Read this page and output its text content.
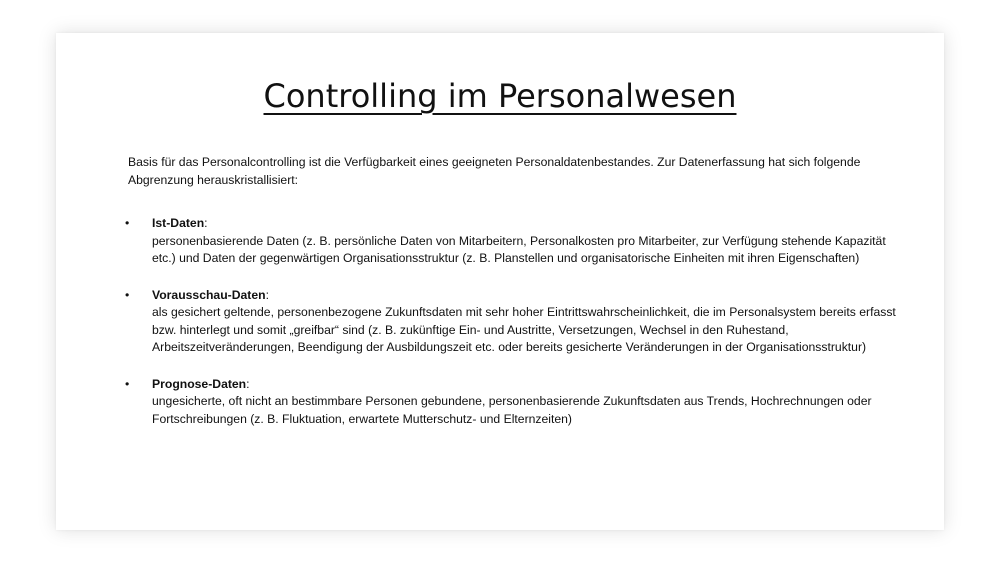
Controlling im Personalwesen

Basis für das Personalcontrolling ist die Verfügbarkeit eines geeigneten Personaldatenbestandes. Zur Datenerfassung hat sich folgende Abgrenzung herauskristallisiert:

• Ist-Daten:
personenbasierende Daten (z. B. persönliche Daten von Mitarbeitern, Personalkosten pro Mitarbeiter, zur Verfügung stehende Kapazität etc.) und Daten der gegenwärtigen Organisationsstruktur (z. B. Planstellen und organisatorische Einheiten mit ihren Eigenschaften)
• Vorausschau-Daten:
als gesichert geltende, personenbezogene Zukunftsdaten mit sehr hoher Eintrittswahrscheinlichkeit, die im Personalsystem bereits erfasst bzw. hinterlegt und somit „greifbar“ sind (z. B. zukünftige Ein- und Austritte, Versetzungen, Wechsel in den Ruhestand, Arbeitszeitveränderungen, Beendigung der Ausbildungszeit etc. oder bereits gesicherte Veränderungen in der Organisationsstruktur)
• Prognose-Daten:
ungesicherte, oft nicht an bestimmbare Personen gebundene, personenbasierende Zukunftsdaten aus Trends, Hochrechnungen oder Fortschreibungen (z. B. Fluktuation, erwartete Mutterschutz- und Elternzeiten)
